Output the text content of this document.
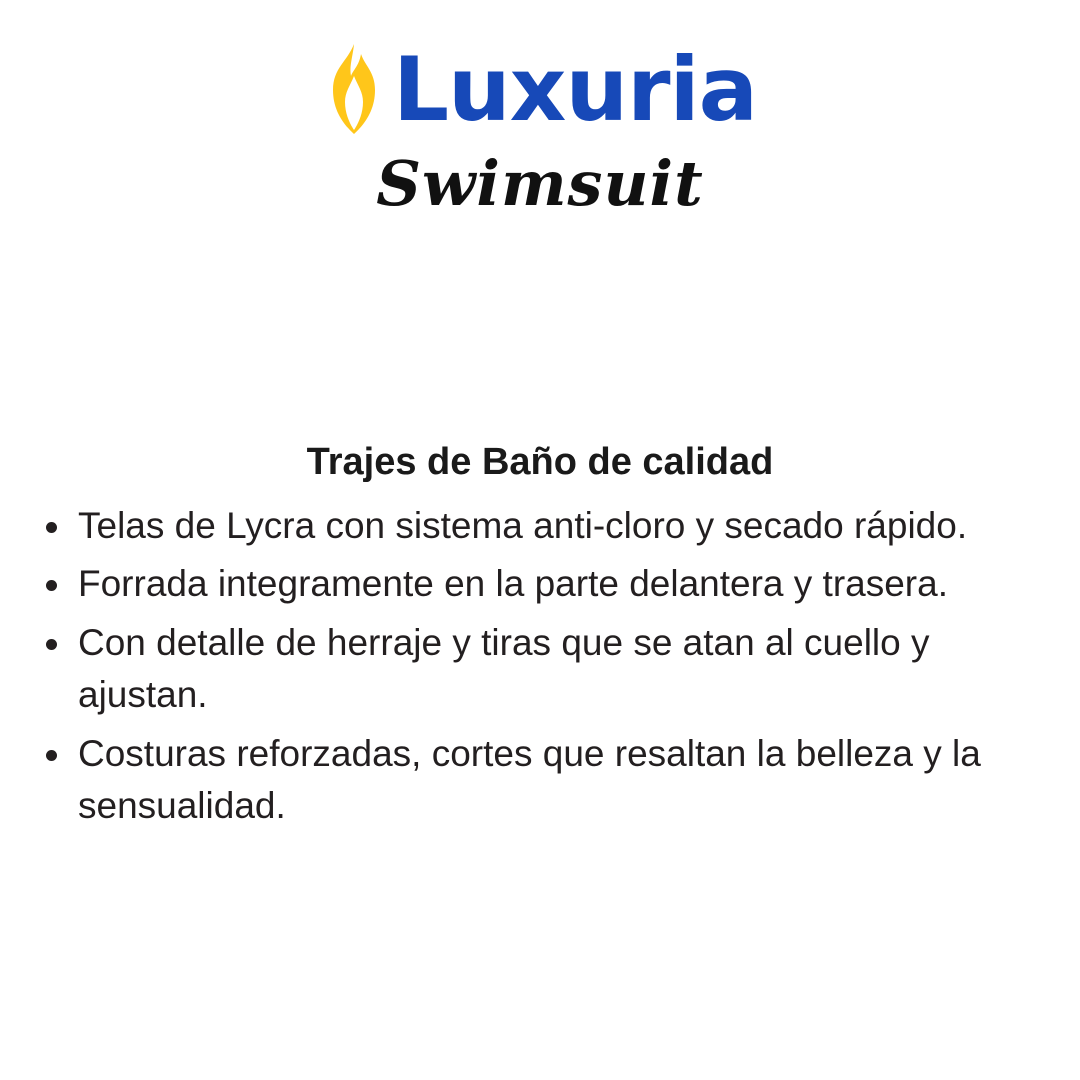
Luxuria
Swimsuit
Trajes de Baño de calidad
Telas de Lycra con sistema anti-cloro y secado rápido.
Forrada integramente en la parte delantera y trasera.
Con detalle de herraje y tiras que se atan al cuello y ajustan.
Costuras reforzadas, cortes que resaltan la belleza y la sensualidad.
